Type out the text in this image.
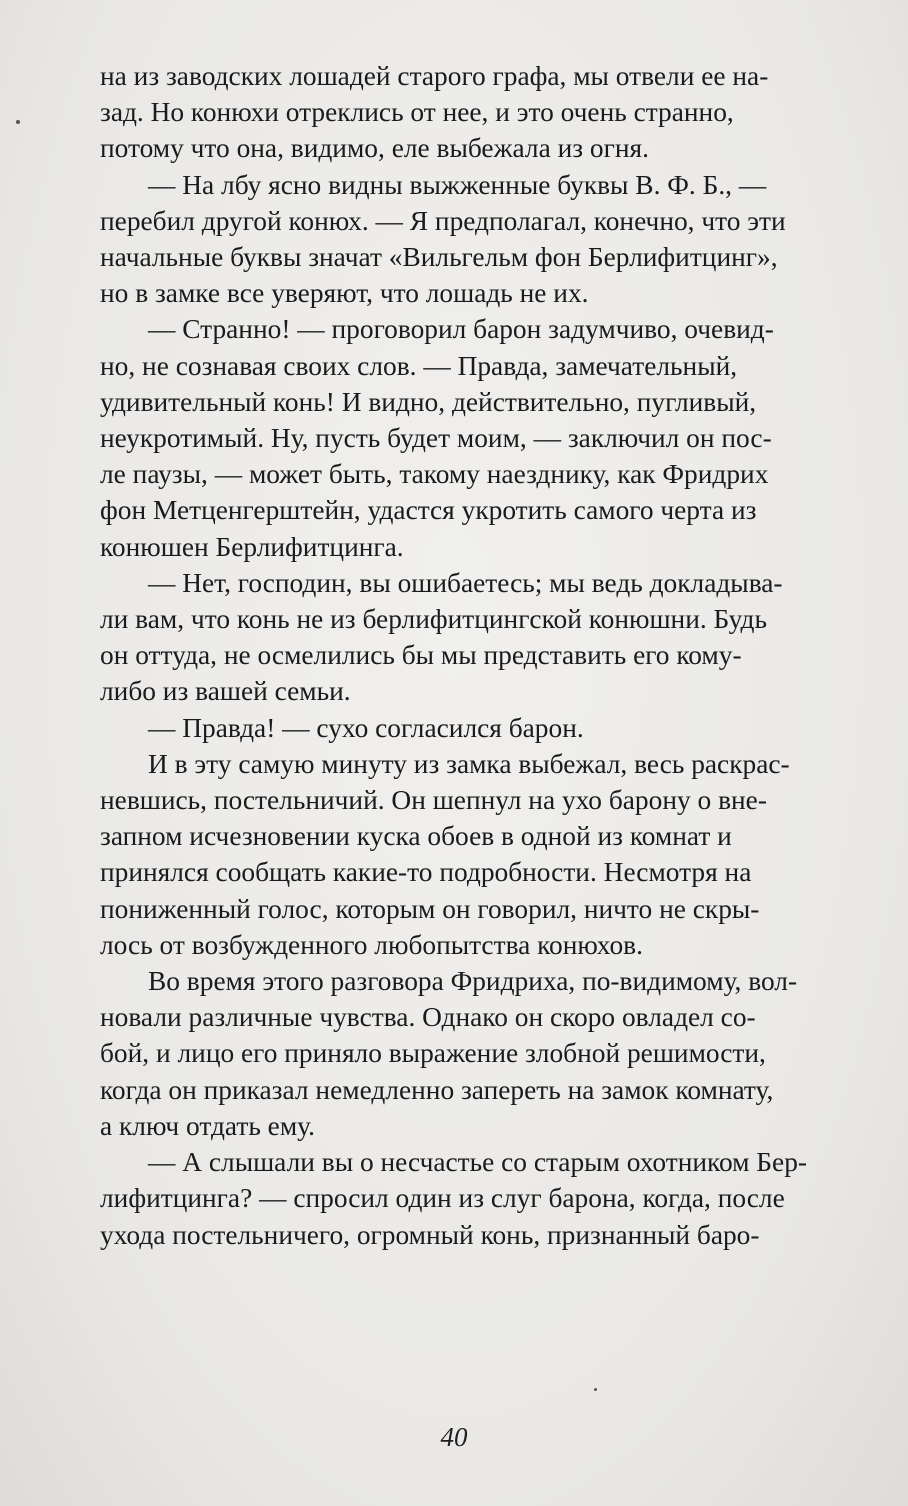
на из заводских лошадей старого графа, мы отвели ее на-
зад. Но конюхи отреклись от нее, и это очень странно,
потому что она, видимо, еле выбежала из огня.

— На лбу ясно видны выжженные буквы В. Ф. Б., —
перебил другой конюх. — Я предполагал, конечно, что эти
начальные буквы значат «Вильгельм фон Берлифитцинг»,
но в замке все уверяют, что лошадь не их.

— Странно! — проговорил барон задумчиво, очевид-
но, не сознавая своих слов. — Правда, замечательный,
удивительный конь! И видно, действительно, пугливый,
неукротимый. Ну, пусть будет моим, — заключил он пос-
ле паузы, — может быть, такому наезднику, как Фридрих
фон Метценгерштейн, удастся укротить самого черта из
конюшен Берлифитцинга.

— Нет, господин, вы ошибаетесь; мы ведь докладыва-
ли вам, что конь не из берлифитцингской конюшни. Будь
он оттуда, не осмелились бы мы представить его кому-
либо из вашей семьи.

— Правда! — сухо согласился барон.

И в эту самую минуту из замка выбежал, весь раскрас-
невшись, постельничий. Он шепнул на ухо барону о вне-
запном исчезновении куска обоев в одной из комнат и
принялся сообщать какие-то подробности. Несмотря на
пониженный голос, которым он говорил, ничто не скры-
лось от возбужденного любопытства конюхов.

Во время этого разговора Фридриха, по-видимому, вол-
новали различные чувства. Однако он скоро овладел со-
бой, и лицо его приняло выражение злобной решимости,
когда он приказал немедленно запереть на замок комнату,
а ключ отдать ему.

— А слышали вы о несчастье со старым охотником Бер-
лифитцинга? — спросил один из слуг барона, когда, после
ухода постельничего, огромный конь, признанный баро-

40
